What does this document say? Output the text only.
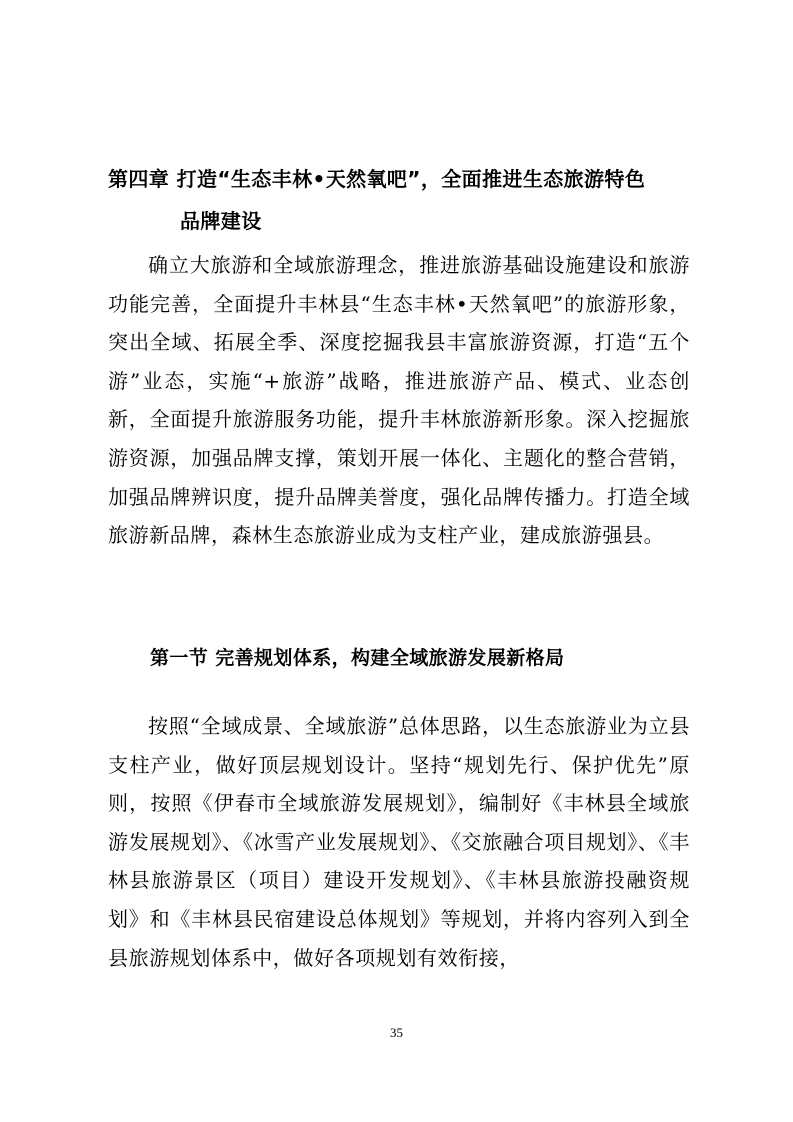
第四章 打造“生态丰林•天然氧吧”，全面推进生态旅游特色
品牌建设

确立大旅游和全域旅游理念，推进旅游基础设施建设和旅游功能完善，全面提升丰林县“生态丰林•天然氧吧”的旅游形象，突出全域、拓展全季、深度挖掘我县丰富旅游资源，打造“五个游”业态，实施“+旅游”战略，推进旅游产品、模式、业态创新，全面提升旅游服务功能，提升丰林旅游新形象。深入挖掘旅游资源，加强品牌支撑，策划开展一体化、主题化的整合营销，加强品牌辨识度，提升品牌美誉度，强化品牌传播力。打造全域旅游新品牌，森林生态旅游业成为支柱产业，建成旅游强县。

第一节 完善规划体系，构建全域旅游发展新格局

按照“全域成景、全域旅游”总体思路，以生态旅游业为立县支柱产业，做好顶层规划设计。坚持“规划先行、保护优先”原则，按照《伊春市全域旅游发展规划》，编制好《丰林县全域旅游发展规划》、《冰雪产业发展规划》、《交旅融合项目规划》、《丰林县旅游景区（项目）建设开发规划》、《丰林县旅游投融资规划》和《丰林县民宿建设总体规划》等规划，并将内容列入到全县旅游规划体系中，做好各项规划有效衔接，

35
